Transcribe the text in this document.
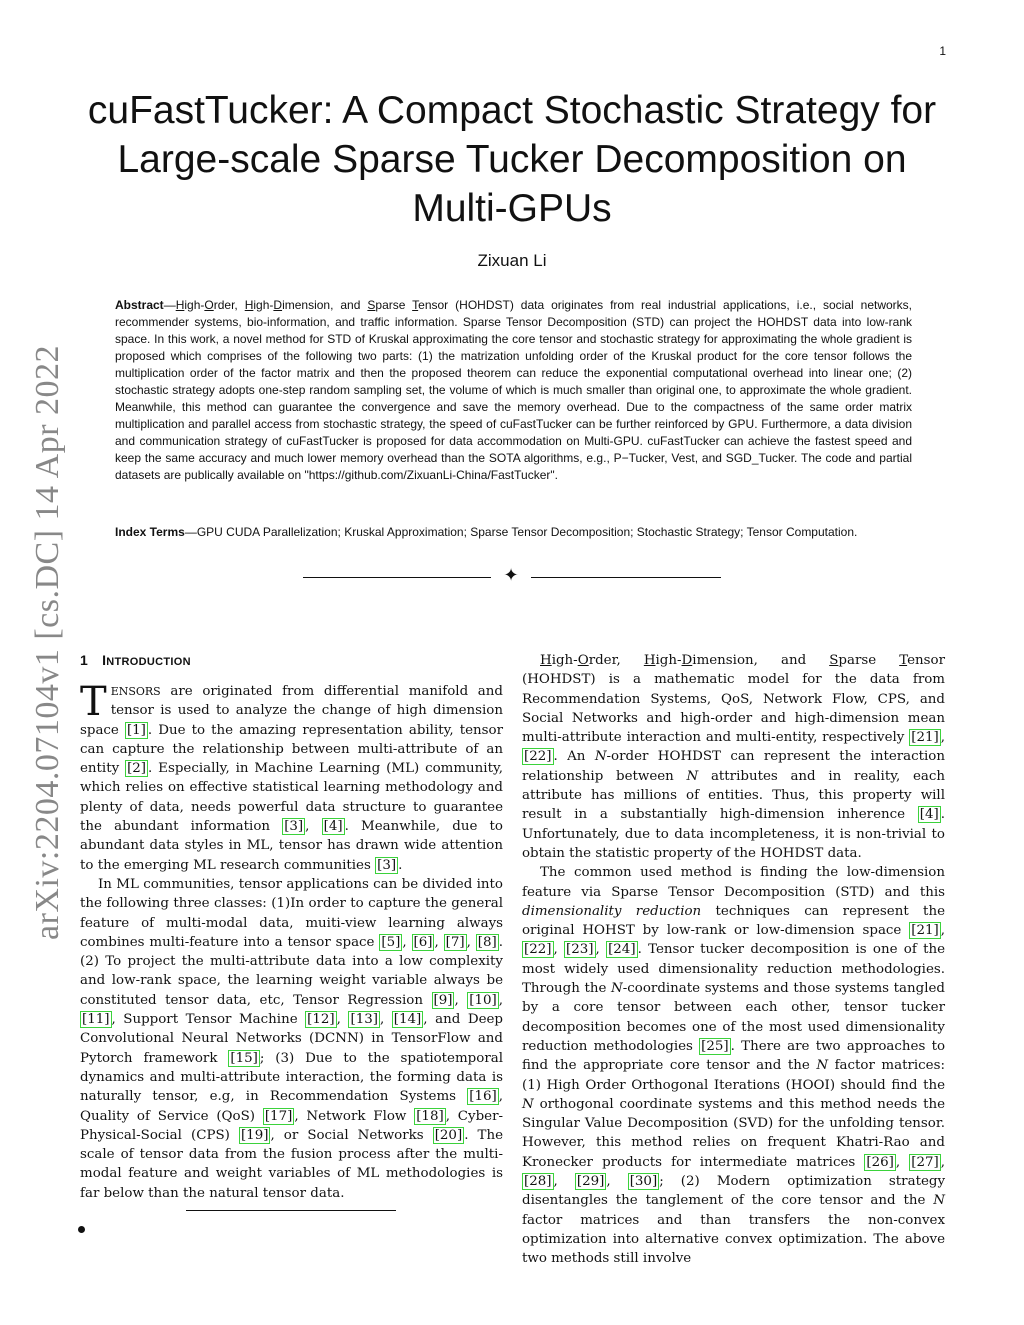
1
arXiv:2204.07104v1 [cs.DC] 14 Apr 2022
cuFastTucker: A Compact Stochastic Strategy for Large-scale Sparse Tucker Decomposition on Multi-GPUs
Zixuan Li

Abstract—High-Order, High-Dimension, and Sparse Tensor (HOHDST) data originates from real industrial applications, i.e., social networks, recommender systems, bio-information, and traffic information. Sparse Tensor Decomposition (STD) can project the HOHDST data into low-rank space. In this work, a novel method for STD of Kruskal approximating the core tensor and stochastic strategy for approximating the whole gradient is proposed which comprises of the following two parts: (1) the matrization unfolding order of the Kruskal product for the core tensor follows the multiplication order of the factor matrix and then the proposed theorem can reduce the exponential computational overhead into linear one; (2) stochastic strategy adopts one-step random sampling set, the volume of which is much smaller than original one, to approximate the whole gradient. Meanwhile, this method can guarantee the convergence and save the memory overhead. Due to the compactness of the same order matrix multiplication and parallel access from stochastic strategy, the speed of cuFastTucker can be further reinforced by GPU. Furthermore, a data division and communication strategy of cuFastTucker is proposed for data accommodation on Multi-GPU. cuFastTucker can achieve the fastest speed and keep the same accuracy and much lower memory overhead than the SOTA algorithms, e.g., P−Tucker, Vest, and SGD_Tucker. The code and partial datasets are publically available on "https://github.com/ZixuanLi-China/FastTucker".

Index Terms—GPU CUDA Parallelization; Kruskal Approximation; Sparse Tensor Decomposition; Stochastic Strategy; Tensor Computation.

✦
1 INTRODUCTION

TENSORS are originated from differential manifold and tensor is used to analyze the change of high dimension space [1] . Due to the amazing representation ability, tensor can capture the relationship between multi-attribute of an entity [2] . Especially, in Machine Learning (ML) community, which relies on effective statistical learning methodology and plenty of data, needs powerful data structure to guarantee the abundant information [3] , [4] . Meanwhile, due to abundant data styles in ML, tensor has drawn wide attention to the emerging ML research communities [3] .

In ML communities, tensor applications can be divided into the following three classes: (1)In order to capture the general feature of multi-modal data, muiti-view learning always combines multi-feature into a tensor space [5] , [6] , [7] , [8] . (2) To project the multi-attribute data into a low complexity and low-rank space, the learning weight variable always be constituted tensor data, etc, Tensor Regression [9] , [10] , [11] , Support Tensor Machine [12] , [13] , [14] , and Deep Convolutional Neural Networks (DCNN) in TensorFlow and Pytorch framework [15] ; (3) Due to the spatiotemporal dynamics and multi-attribute interaction, the forming data is naturally tensor, e.g, in Recommendation Systems [16] , Quality of Service (QoS) [17] , Network Flow [18] , Cyber-Physical-Social (CPS) [19] , or Social Networks [20] . The scale of tensor data from the fusion process after the multi-modal feature and weight variables of ML methodologies is far below than the natural tensor data.

High-Order, High-Dimension, and Sparse Tensor (HOHDST) is a mathematic model for the data from Recommendation Systems, QoS, Network Flow, CPS, and Social Networks and high-order and high-dimension mean multi-attribute interaction and multi-entity, respectively [21] , [22] . An N-order HOHDST can represent the interaction relationship between N attributes and in reality, each attribute has millions of entities. Thus, this property will result in a substantially high-dimension inherence [4] . Unfortunately, due to data incompleteness, it is non-trivial to obtain the statistic property of the HOHDST data.

The common used method is finding the low-dimension feature via Sparse Tensor Decomposition (STD) and this dimensionality reduction techniques can represent the original HOHST by low-rank or low-dimension space [21] , [22] , [23] , [24] . Tensor tucker decomposition is one of the most widely used dimensionality reduction methodologies. Through the N-coordinate systems and those systems tangled by a core tensor between each other, tensor tucker decomposition becomes one of the most used dimensionality reduction methodologies [25] . There are two approaches to find the appropriate core tensor and the N factor matrices: (1) High Order Orthogonal Iterations (HOOI) should find the N orthogonal coordinate systems and this method needs the Singular Value Decomposition (SVD) for the unfolding tensor. However, this method relies on frequent Khatri-Rao and Kronecker products for intermediate matrices [26] , [27] , [28] , [29] , [30] ; (2) Modern optimization strategy disentangles the tanglement of the core tensor and the N factor matrices and than transfers the non-convex optimization into alternative convex optimization. The above two methods still involve
